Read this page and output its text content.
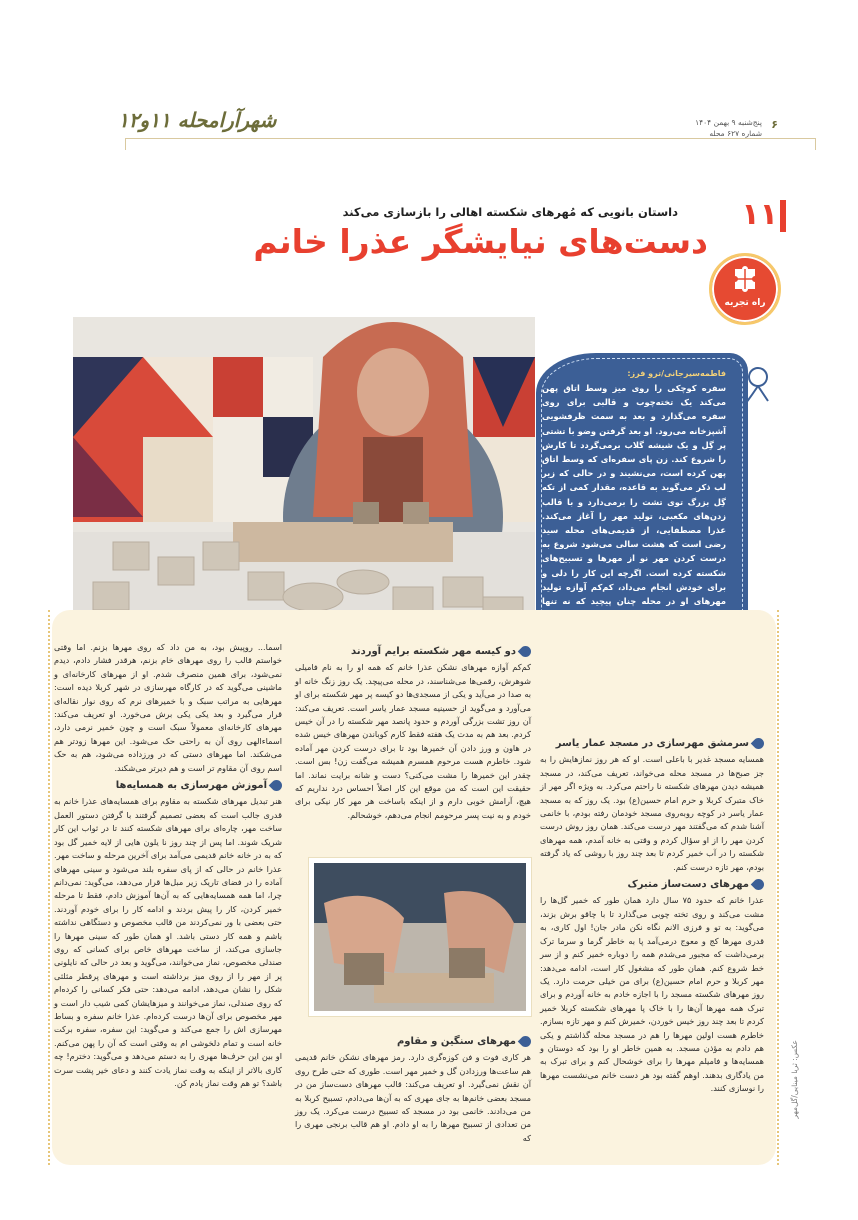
شهرآرامحله ۱۱و۱۲	پنج‌شنبه ۹ بهمن ۱۴۰۴
شماره ۶۲۷ محله
۶
۱۱
راه تجربه
داستان بانویی که مُهرهای شکسته اهالی را بازسازی می‌کند
دست‌های نیایشگر عذرا خانم
فاطمه‌سیرجانی/ترو فرز:
سفره کوچکی را روی میز وسط اتاق پهن می‌کند یک تخته‌چوب و قالبی برای روی سفره می‌گذارد و بعد به سمت ظرفشویی آشپزخانه می‌رود. او بعد گرفتن وضو با تشتی پر گِل و یک شیشه گلاب برمی‌گردد تا کارش را شروع کند. زن پای سفره‌ای که وسط اتاق پهن کرده است، می‌نشیند و در حالی که زیر لب ذکر می‌گوید به قاعده، مقدار کمی از تکه گِل بزرگ توی تشت را برمی‌دارد و با قالب زدن‌های مکعبی، تولید مهر را آغاز می‌کند. عذرا مصطفایی، از قدیمی‌های محله سید رضی است که هشت سالی می‌شود شروع به درست کردن مهر نو از مهرها و تسبیح‌های شکسته کرده است. اگرچه این کار را دلی و برای خودش انجام می‌داد، کم‌کم آوازه تولید مهرهای او در محله چنان پیچید که نه تنها
سرمشق مهرسازی در مسجد عمار یاسر

همسایه مسجد غدیر با باعلی است. او که هر روز نمازهایش را به جز صبح‌ها در مسجد محله می‌خواند، تعریف می‌کند، در مسجد همیشه دیدن مهرهای شکسته نا راحتم می‌کرد. به ویژه اگر مهر از خاک متبرک کربلا و حرم امام حسین(ع) بود. یک روز که به مسجد عمار یاسر در کوچه روبه‌روی مسجد خودمان رفته بودم، با خانمی آشنا شدم که می‌گفتند مهر درست می‌کند. همان روز روش درست کردن مهر را از او سؤال کردم و وقتی به خانه آمدم، همه مهرهای شکسته را در آب خمیر کردم تا بعد چند روز با روشی که یاد گرفته بودم، مهر تازه درست کنم.

مهرهای دست‌ساز متبرک

عذرا خانم که حدود ۷۵ سال دارد همان طور که خمیر گل‌ها را مشت می‌کند و روی تخته چوبی می‌گذارد تا با چاقو برش بزند، می‌گوید: به تو و فرزی الانم نگاه نکن مادر جان! اول کاری، به قدری مهرها کج و معوج درمی‌آمد پا به خاطر گرما و سرما ترک برمی‌داشت که مجبور می‌شدم همه را دوباره خمیر کنم و از سر خط شروع کنم. همان طور که مشغول کار است، ادامه می‌دهد: مهر کربلا و حرم امام حسین(ع) برای من خیلی حرمت دارد. یک روز مهرهای شکسته مسجد را با اجازه خادم به خانه آوردم و برای تبرک همه مهرها آن‌ها را با خاک پا مهرهای شکسته کربلا خمیر کردم تا بعد چند روز خیس خوردن، خمیرش کنم و مهر تازه بسازم. خاطرم هست اولین مهرها را هم در مسجد محله گذاشتم و یکی هم دادم به مؤذن مسجد. به همین خاطر او را بود که دوستان و همسایه‌ها و فامیلم مهرها را برای خوشحال کنم و برای تبرک به من یادگاری بدهند. اوهم گفته بود هر دست خانم می‌نشست مهرها را نوسازی کنند.

دو کیسه مهر شکسته برایم آوردند

کم‌کم آوازه مهرهای نشکن عذرا خانم که همه او را به نام فامیلی شوهرش، رقمی‌ها می‌شناسند، در محله می‌پیچد. یک روز زنگ خانه او به صدا در می‌آید و یکی از مسجدی‌ها دو کیسه پر مهر شکسته برای او می‌آورد و می‌گوید از حسینیه مسجد عمار یاسر است. تعریف می‌کند: آن روز تشت بزرگی آوردم و حدود پانصد مهر شکسته را در آن خیس کردم. بعد هم به مدت یک هفته فقط کارم کوباندن مهرهای خیس شده در هاون و ورز دادن آن خمیرها بود تا برای درست کردن مهر آماده شود. خاطرم هست مرحوم همسرم همیشه می‌گفت زن! بس است. چقدر این خمیرها را مشت می‌کنی؟ دست و شانه برایت نماند. اما حقیقت این است که من موقع این کار اصلاً احساس درد نداریم که هیچ، آرامش خوبی دارم و از اینکه باساخت هر مهر کار نیکی برای خودم و به نیت پسر مرحومم انجام می‌دهم، خوشحالم.

مهرهای سنگین و مقاوم

هر کاری فوت و فن کوزه‌گری دارد. رمز مهرهای نشکن خانم قدیمی هم ساعت‌ها ورزدادن گل و خمیر مهر است. طوری که حتی طرح روی آن نقش نمی‌گیرد. او تعریف می‌کند: قالب مهرهای دست‌ساز من در مسجد بعضی خانم‌ها به جای مهری که به آن‌ها می‌دادم، تسبیح کربلا به من می‌دادند. خانمی بود در مسجد که تسبیح درست می‌کرد. یک روز من تعدادی از تسبیح مهرها را به او دادم. او هم قالب برنجی مهری را که

اسما... روپیش بود، به من داد که روی مهرها بزنم. اما وقتی خواستم قالب را روی مهرهای خام بزنم، هرقدر فشار دادم، دیدم نمی‌شود، برای همین منصرف شدم. او از مهرهای کارخانه‌ای و ماشینی می‌گوید که در کارگاه مهرسازی در شهر کربلا دیده است: مهرهایی به مراتب سبک و با خمیرهای نرم که روی نوار نقاله‌ای قرار می‌گیرد و بعد یکی یکی برش می‌خورد. او تعریف می‌کند: مهرهای کارخانه‌ای معمولاً سبک است و چون خمیر نرمی دارد، اسماءالهی روی آن به راحتی حک می‌شود. این مهرها زودتر هم می‌شکند. اما مهرهای دستی که در ورزداده می‌شود، هم به حک اسم روی آن مقاوم تر است و هم دیرتر می‌شکند.

آموزش مهرسازی به همسایه‌ها

هنر تبدیل مهرهای شکسته به مقاوم برای همسایه‌های عذرا خانم به قدری جالب است که بعضی تصمیم گرفتند با گرفتن دستور العمل ساخت مهر، چاره‌ای برای مهرهای شکسته کنند تا در ثواب این کار شریک شوند. اما پس از چند روز نا یلون هایی از لایه خمیر گل بود که به در خانه خانم قدیمی می‌آمد برای آخرین مرحله و ساخت مهر. عذرا خانم در حالی که از پای سفره بلند می‌شود و سینی مهرهای آماده را در فضای تاریک زیر مبل‌ها قرار می‌دهد، می‌گوید: نمی‌دانم چرا، اما همه همسایه‌هایی که به آن‌ها آموزش دادم، فقط تا مرحله خمیر کردن، کار را پیش بردند و ادامه کار را برای خودم آوردند. حتی بعضی با ور نمی‌کردند من قالب مخصوص و دستگاهی نداشته باشم و همه کار دستی باشد. او همان طور که سینی مهرها را جاسازی می‌کند، از ساخت مهرهای خاص برای کسانی که روی صندلی مخصوص، نماز می‌خوانند، می‌گوید و بعد در حالی که نایلونی پر از مهر را از روی میز برداشته است و مهرهای پرقطر مثلثی شکل را نشان می‌دهد، ادامه می‌دهد: حتی فکر کسانی را کرده‌ام که روی صندلی، نماز می‌خوانند و میزهایشان کمی شیب دار است و مهر مخصوص برای آن‌ها درست کرده‌ام. عذرا خانم سفره و بساط مهرسازی اش را جمع می‌کند و می‌گوید: این سفره، سفره برکت خانه است و تمام دلخوشی ام به وقتی است که آن را پهن می‌کنم. او بین این حرف‌ها مهری را به دستم می‌دهد و می‌گوید: دخترم! چه کاری بالاتر از اینکه به وقت نماز یادت کنند و دعای خیر پشت سرت باشد؟ تو هم وقت نماز یادم کن.	عکس: ثریا مینایی/گل‌مهر
